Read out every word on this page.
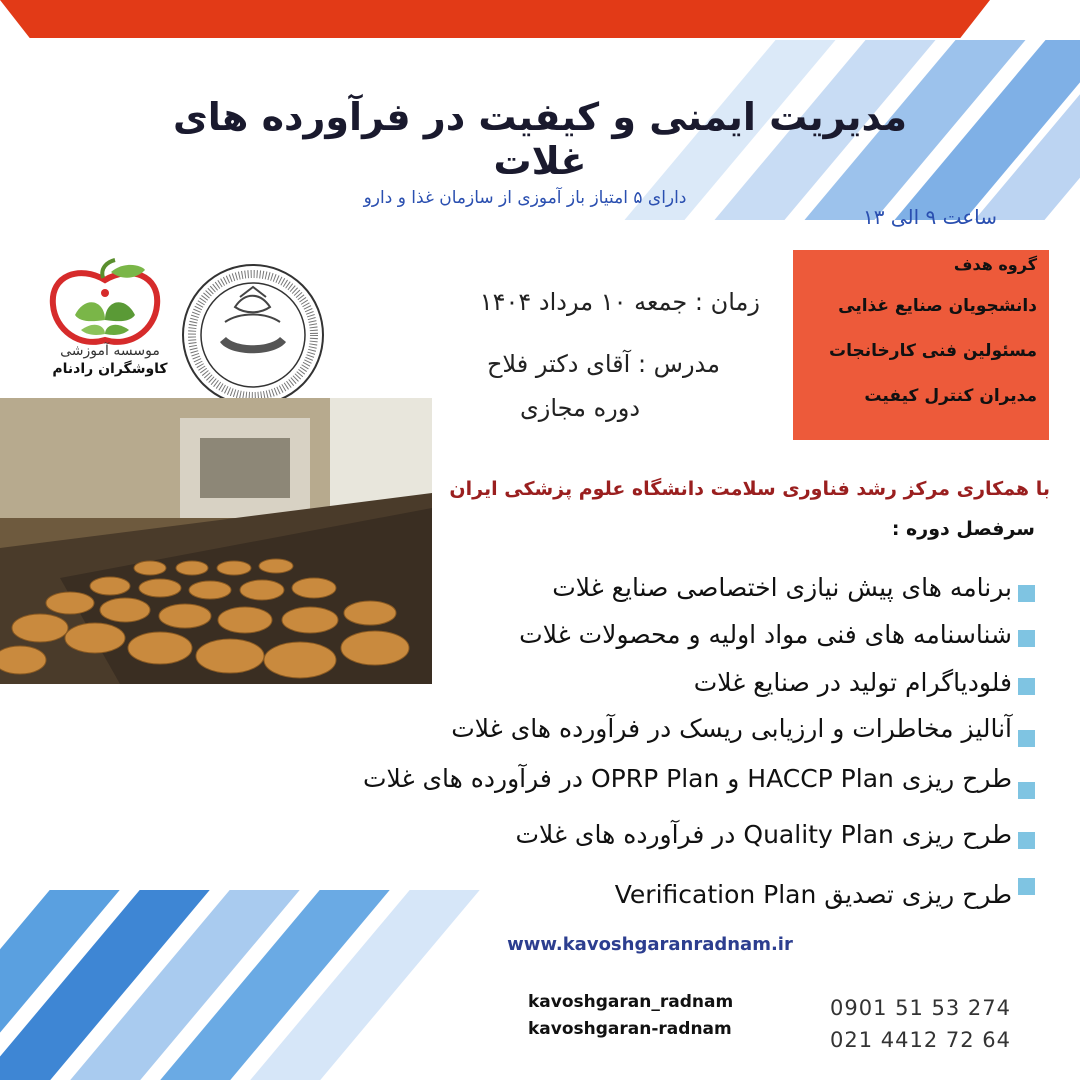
مدیریت ایمنی و کیفیت در فرآورده های غلات
دارای ۵ امتیاز باز آموزی از سازمان غذا و دارو
ساعت ۹ الی ۱۳
گروه هدف
دانشجویان صنایع غذایی
مسئولین فنی کارخانجات
مدیران کنترل کیفیت
زمان : جمعه ۱۰ مرداد ۱۴۰۴
مدرس : آقای دکتر فلاح
دوره مجازی
موسسه آموزشی
کاوشگران رادنام
با همکاری مرکز رشد فناوری سلامت دانشگاه علوم پزشکی ایران
سرفصل دوره :
برنامه های پیش نیازی اختصاصی صنایع غلات
شناسنامه های فنی مواد اولیه و محصولات غلات
فلودیاگرام تولید در صنایع غلات
آنالیز مخاطرات و ارزیابی ریسک در فرآورده های غلات
طرح ریزی HACCP Plan و OPRP Plan در فرآورده های غلات
طرح ریزی Quality Plan در فرآورده های غلات
طرح ریزی تصدیق Verification Plan
www.kavoshgaranradnam.ir
kavoshgaran_radnam
kavoshgaran-radnam
0901 51 53 274
021 4412 72 64
